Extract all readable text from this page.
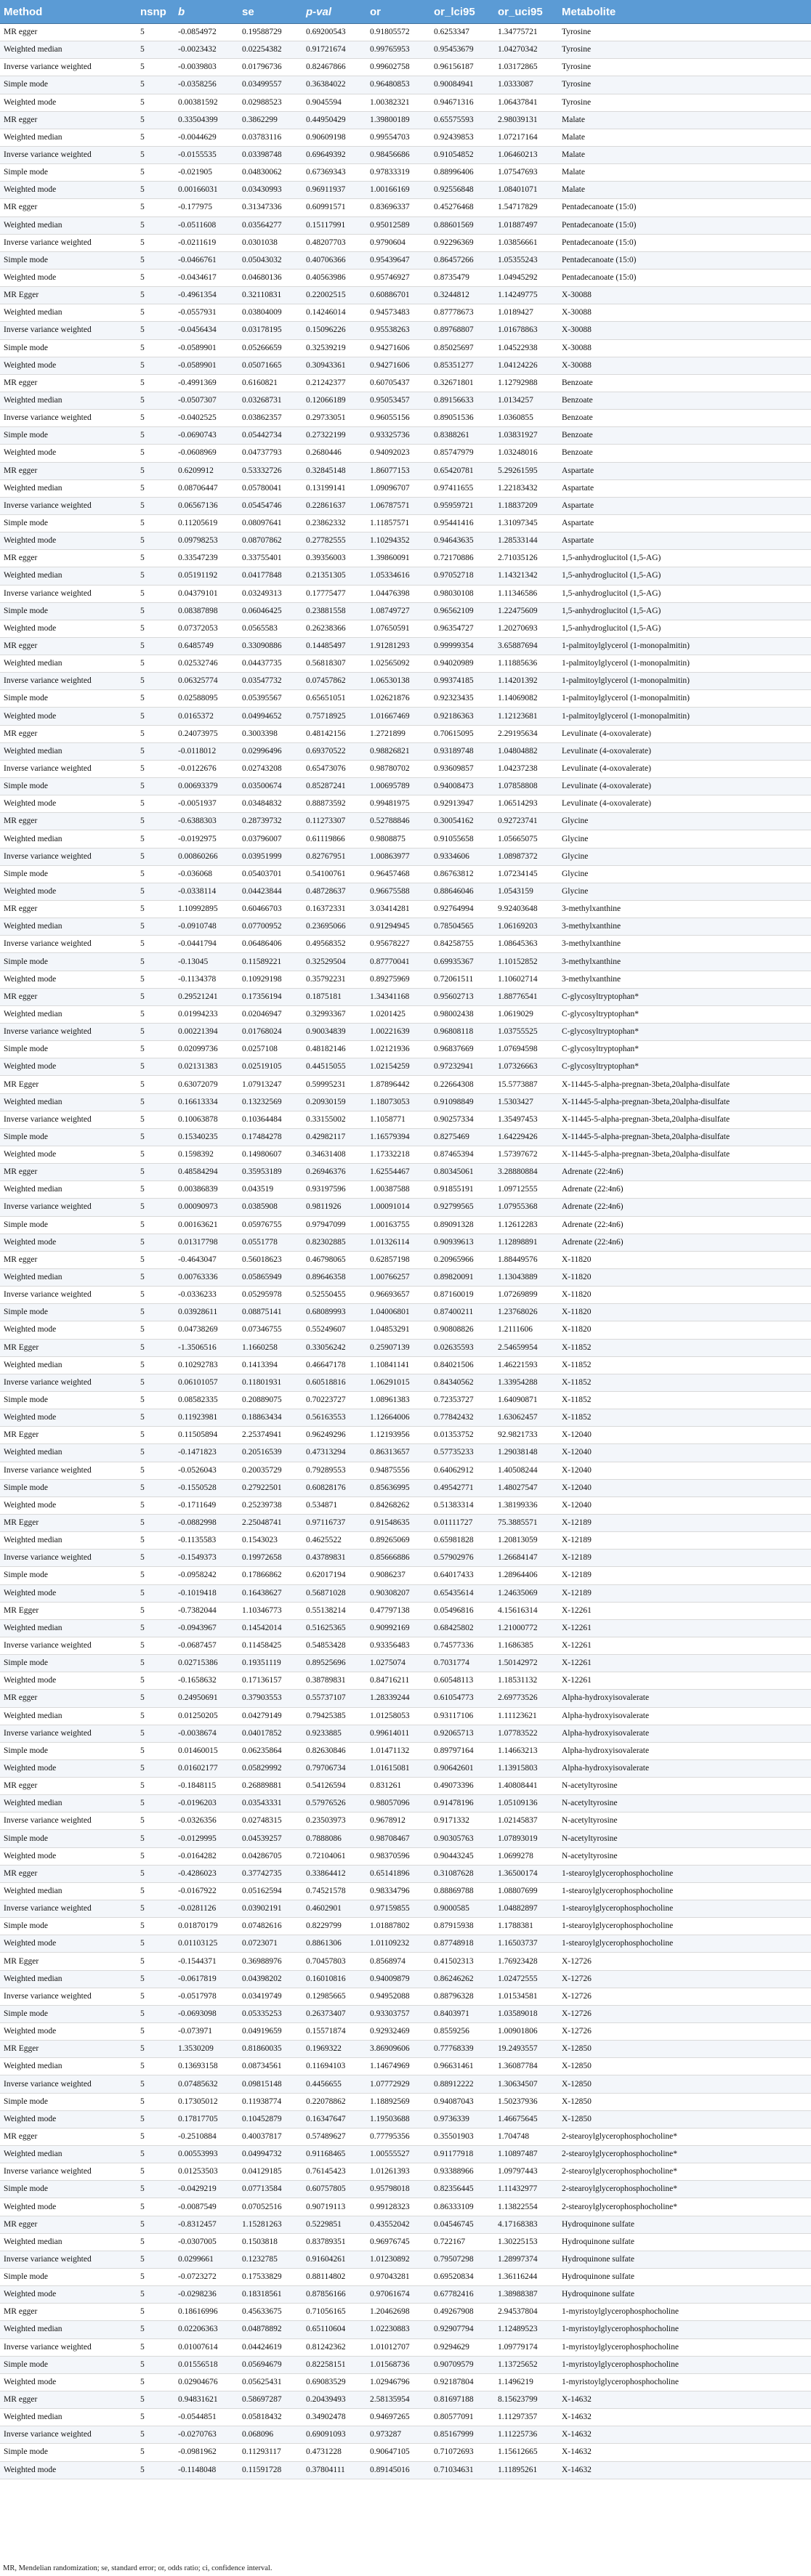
Method	nsnp	b	se	p-val	or	or_lci95	or_uci95	Metabolite
MR egger	5	-0.0854972	0.19588729	0.69200543	0.91805572	0.6253347	1.34775721	Tyrosine
Weighted median	5	-0.0023432	0.02254382	0.91721674	0.99765953	0.95453679	1.04270342	Tyrosine
Inverse variance weighted	5	-0.0039803	0.01796736	0.82467866	0.99602758	0.96156187	1.03172865	Tyrosine
Simple mode	5	-0.0358256	0.03499557	0.36384022	0.96480853	0.90084941	1.0333087	Tyrosine
Weighted mode	5	0.00381592	0.02988523	0.9045594	1.00382321	0.94671316	1.06437841	Tyrosine
MR egger	5	0.33504399	0.3862299	0.44950429	1.39800189	0.65575593	2.98039131	Malate
Weighted median	5	-0.0044629	0.03783116	0.90609198	0.99554703	0.92439853	1.07217164	Malate
Inverse variance weighted	5	-0.0155535	0.03398748	0.69649392	0.98456686	0.91054852	1.06460213	Malate
Simple mode	5	-0.021905	0.04830062	0.67369343	0.97833319	0.88996406	1.07547693	Malate
Weighted mode	5	0.00166031	0.03430993	0.96911937	1.00166169	0.92556848	1.08401071	Malate
MR egger	5	-0.177975	0.31347336	0.60991571	0.83696337	0.45276468	1.54717829	Pentadecanoate (15:0)
Weighted median	5	-0.0511608	0.03564277	0.15117991	0.95012589	0.88601569	1.01887497	Pentadecanoate (15:0)
Inverse variance weighted	5	-0.0211619	0.0301038	0.48207703	0.9790604	0.92296369	1.03856661	Pentadecanoate (15:0)
Simple mode	5	-0.0466761	0.05043032	0.40706366	0.95439647	0.86457266	1.05355243	Pentadecanoate (15:0)
Weighted mode	5	-0.0434617	0.04680136	0.40563986	0.95746927	0.8735479	1.04945292	Pentadecanoate (15:0)
MR Egger	5	-0.4961354	0.32110831	0.22002515	0.60886701	0.3244812	1.14249775	X-30088
Weighted median	5	-0.0557931	0.03804009	0.14246014	0.94573483	0.87778673	1.0189427	X-30088
Inverse variance weighted	5	-0.0456434	0.03178195	0.15096226	0.95538263	0.89768807	1.01678863	X-30088
Simple mode	5	-0.0589901	0.05266659	0.32539219	0.94271606	0.85025697	1.04522938	X-30088
Weighted mode	5	-0.0589901	0.05071665	0.30943361	0.94271606	0.85351277	1.04124226	X-30088
MR egger	5	-0.4991369	0.6160821	0.21242377	0.60705437	0.32671801	1.12792988	Benzoate
Weighted median	5	-0.0507307	0.03268731	0.12066189	0.95053457	0.89156633	1.0134257	Benzoate
Inverse variance weighted	5	-0.0402525	0.03862357	0.29733051	0.96055156	0.89051536	1.0360855	Benzoate
Simple mode	5	-0.0690743	0.05442734	0.27322199	0.93325736	0.8388261	1.03831927	Benzoate
Weighted mode	5	-0.0608969	0.04737793	0.2680446	0.94092023	0.85747979	1.03248016	Benzoate
MR egger	5	0.6209912	0.53332726	0.32845148	1.86077153	0.65420781	5.29261595	Aspartate
Weighted median	5	0.08706447	0.05780041	0.13199141	1.09096707	0.97411655	1.22183432	Aspartate
Inverse variance weighted	5	0.06567136	0.05454746	0.22861637	1.06787571	0.95959721	1.18837209	Aspartate
Simple mode	5	0.11205619	0.08097641	0.23862332	1.11857571	0.95441416	1.31097345	Aspartate
Weighted mode	5	0.09798253	0.08707862	0.27782555	1.10294352	0.94643635	1.28533144	Aspartate
MR egger	5	0.33547239	0.33755401	0.39356003	1.39860091	0.72170886	2.71035126	1,5-anhydroglucitol (1,5-AG)
Weighted median	5	0.05191192	0.04177848	0.21351305	1.05334616	0.97052718	1.14321342	1,5-anhydroglucitol (1,5-AG)
Inverse variance weighted	5	0.04379101	0.03249313	0.17775477	1.04476398	0.98030108	1.11346586	1,5-anhydroglucitol (1,5-AG)
Simple mode	5	0.08387898	0.06046425	0.23881558	1.08749727	0.96562109	1.22475609	1,5-anhydroglucitol (1,5-AG)
Weighted mode	5	0.07372053	0.0565583	0.26238366	1.07650591	0.96354727	1.20270693	1,5-anhydroglucitol (1,5-AG)
MR egger	5	0.6485749	0.33090886	0.14485497	1.91281293	0.99999354	3.65887694	1-palmitoylglycerol (1-monopalmitin)
Weighted median	5	0.02532746	0.04437735	0.56818307	1.02565092	0.94020989	1.11885636	1-palmitoylglycerol (1-monopalmitin)
Inverse variance weighted	5	0.06325774	0.03547732	0.07457862	1.06530138	0.99374185	1.14201392	1-palmitoylglycerol (1-monopalmitin)
Simple mode	5	0.02588095	0.05395567	0.65651051	1.02621876	0.92323435	1.14069082	1-palmitoylglycerol (1-monopalmitin)
Weighted mode	5	0.0165372	0.04994652	0.75718925	1.01667469	0.92186363	1.12123681	1-palmitoylglycerol (1-monopalmitin)
MR egger	5	0.24073975	0.3003398	0.48142156	1.2721899	0.70615095	2.29195634	Levulinate (4-oxovalerate)
Weighted median	5	-0.0118012	0.02996496	0.69370522	0.98826821	0.93189748	1.04804882	Levulinate (4-oxovalerate)
Inverse variance weighted	5	-0.0122676	0.02743208	0.65473076	0.98780702	0.93609857	1.04237238	Levulinate (4-oxovalerate)
Simple mode	5	0.00693379	0.03500674	0.85287241	1.00695789	0.94008473	1.07858808	Levulinate (4-oxovalerate)
Weighted mode	5	-0.0051937	0.03484832	0.88873592	0.99481975	0.92913947	1.06514293	Levulinate (4-oxovalerate)
MR egger	5	-0.6388303	0.28739732	0.11273307	0.52788846	0.30054162	0.92723741	Glycine
Weighted median	5	-0.0192975	0.03796007	0.61119866	0.9808875	0.91055658	1.05665075	Glycine
Inverse variance weighted	5	0.00860266	0.03951999	0.82767951	1.00863977	0.9334606	1.08987372	Glycine
Simple mode	5	-0.036068	0.05403701	0.54100761	0.96457468	0.86763812	1.07234145	Glycine
Weighted mode	5	-0.0338114	0.04423844	0.48728637	0.96675588	0.88646046	1.0543159	Glycine
MR egger	5	1.10992895	0.60466703	0.16372331	3.03414281	0.92764994	9.92403648	3-methylxanthine
Weighted median	5	-0.0910748	0.07700952	0.23695066	0.91294945	0.78504565	1.06169203	3-methylxanthine
Inverse variance weighted	5	-0.0441794	0.06486406	0.49568352	0.95678227	0.84258755	1.08645363	3-methylxanthine
Simple mode	5	-0.13045	0.11589221	0.32529504	0.87770041	0.69935367	1.10152852	3-methylxanthine
Weighted mode	5	-0.1134378	0.10929198	0.35792231	0.89275969	0.72061511	1.10602714	3-methylxanthine
MR egger	5	0.29521241	0.17356194	0.1875181	1.34341168	0.95602713	1.88776541	C-glycosyltryptophan*
Weighted median	5	0.01994233	0.02046947	0.32993367	1.0201425	0.98002438	1.0619029	C-glycosyltryptophan*
Inverse variance weighted	5	0.00221394	0.01768024	0.90034839	1.00221639	0.96808118	1.03755525	C-glycosyltryptophan*
Simple mode	5	0.02099736	0.0257108	0.48182146	1.02121936	0.96837669	1.07694598	C-glycosyltryptophan*
Weighted mode	5	0.02131383	0.02519105	0.44515055	1.02154259	0.97232941	1.07326663	C-glycosyltryptophan*
MR Egger	5	0.63072079	1.07913247	0.59995231	1.87896442	0.22664308	15.5773887	X-11445-5-alpha-pregnan-3beta,20alpha-disulfate
Weighted median	5	0.16613334	0.13232569	0.20930159	1.18073053	0.91098849	1.5303427	X-11445-5-alpha-pregnan-3beta,20alpha-disulfate
Inverse variance weighted	5	0.10063878	0.10364484	0.33155002	1.1058771	0.90257334	1.35497453	X-11445-5-alpha-pregnan-3beta,20alpha-disulfate
Simple mode	5	0.15340235	0.17484278	0.42982117	1.16579394	0.8275469	1.64229426	X-11445-5-alpha-pregnan-3beta,20alpha-disulfate
Weighted mode	5	0.1598392	0.14980607	0.34631408	1.17332218	0.87465394	1.57397672	X-11445-5-alpha-pregnan-3beta,20alpha-disulfate
MR egger	5	0.48584294	0.35953189	0.26946376	1.62554467	0.80345061	3.28880884	Adrenate (22:4n6)
Weighted median	5	0.00386839	0.043519	0.93197596	1.00387588	0.91855191	1.09712555	Adrenate (22:4n6)
Inverse variance weighted	5	0.00090973	0.0385908	0.9811926	1.00091014	0.92799565	1.07955368	Adrenate (22:4n6)
Simple mode	5	0.00163621	0.05976755	0.97947099	1.00163755	0.89091328	1.12612283	Adrenate (22:4n6)
Weighted mode	5	0.01317798	0.0551778	0.82302885	1.01326114	0.90939613	1.12898891	Adrenate (22:4n6)
MR egger	5	-0.4643047	0.56018623	0.46798065	0.62857198	0.20965966	1.88449576	X-11820
Weighted median	5	0.00763336	0.05865949	0.89646358	1.00766257	0.89820091	1.13043889	X-11820
Inverse variance weighted	5	-0.0336233	0.05295978	0.52550455	0.96693657	0.87160019	1.07269899	X-11820
Simple mode	5	0.03928611	0.08875141	0.68089993	1.04006801	0.87400211	1.23768026	X-11820
Weighted mode	5	0.04738269	0.07346755	0.55249607	1.04853291	0.90808826	1.2111606	X-11820
MR Egger	5	-1.3506516	1.1660258	0.33056242	0.25907139	0.02635593	2.54659954	X-11852
Weighted median	5	0.10292783	0.1413394	0.46647178	1.10841141	0.84021506	1.46221593	X-11852
Inverse variance weighted	5	0.06101057	0.11801931	0.60518816	1.06291015	0.84340562	1.33954288	X-11852
Simple mode	5	0.08582335	0.20889075	0.70223727	1.08961383	0.72353727	1.64090871	X-11852
Weighted mode	5	0.11923981	0.18863434	0.56163553	1.12664006	0.77842432	1.63062457	X-11852
MR Egger	5	0.11505894	2.25374941	0.96249296	1.12193956	0.01353752	92.9821733	X-12040
Weighted median	5	-0.1471823	0.20516539	0.47313294	0.86313657	0.57735233	1.29038148	X-12040
Inverse variance weighted	5	-0.0526043	0.20035729	0.79289553	0.94875556	0.64062912	1.40508244	X-12040
Simple mode	5	-0.1550528	0.27922501	0.60828176	0.85636995	0.49542771	1.48027547	X-12040
Weighted mode	5	-0.1711649	0.25239738	0.534871	0.84268262	0.51383314	1.38199336	X-12040
MR Egger	5	-0.0882998	2.25048741	0.97116737	0.91548635	0.01111727	75.3885571	X-12189
Weighted median	5	-0.1135583	0.1543023	0.4625522	0.89265069	0.65981828	1.20813059	X-12189
Inverse variance weighted	5	-0.1549373	0.19972658	0.43789831	0.85666886	0.57902976	1.26684147	X-12189
Simple mode	5	-0.0958242	0.17866862	0.62017194	0.9086237	0.64017433	1.28964406	X-12189
Weighted mode	5	-0.1019418	0.16438627	0.56871028	0.90308207	0.65435614	1.24635069	X-12189
MR Egger	5	-0.7382044	1.10346773	0.55138214	0.47797138	0.05496816	4.15616314	X-12261
Weighted median	5	-0.0943967	0.14542014	0.51625365	0.90992169	0.68425802	1.21000772	X-12261
Inverse variance weighted	5	-0.0687457	0.11458425	0.54853428	0.93356483	0.74577336	1.1686385	X-12261
Simple mode	5	0.02715386	0.19351119	0.89525696	1.0275074	0.7031774	1.50142972	X-12261
Weighted mode	5	-0.1658632	0.17136157	0.38789831	0.84716211	0.60548113	1.18531132	X-12261
MR egger	5	0.24950691	0.37903553	0.55737107	1.28339244	0.61054773	2.69773526	Alpha-hydroxyisovalerate
Weighted median	5	0.01250205	0.04279149	0.79425385	1.01258053	0.93117106	1.11123621	Alpha-hydroxyisovalerate
Inverse variance weighted	5	-0.0038674	0.04017852	0.9233885	0.99614011	0.92065713	1.07783522	Alpha-hydroxyisovalerate
Simple mode	5	0.01460015	0.06235864	0.82630846	1.01471132	0.89797164	1.14663213	Alpha-hydroxyisovalerate
Weighted mode	5	0.01602177	0.05829992	0.79706734	1.01615081	0.90642601	1.13915803	Alpha-hydroxyisovalerate
MR egger	5	-0.1848115	0.26889881	0.54126594	0.831261	0.49073396	1.40808441	N-acetyltyrosine
Weighted median	5	-0.0196203	0.03543331	0.57976526	0.98057096	0.91478196	1.05109136	N-acetyltyrosine
Inverse variance weighted	5	-0.0326356	0.02748315	0.23503973	0.9678912	0.9171332	1.02145837	N-acetyltyrosine
Simple mode	5	-0.0129995	0.04539257	0.7888086	0.98708467	0.90305763	1.07893019	N-acetyltyrosine
Weighted mode	5	-0.0164282	0.04286705	0.72104061	0.98370596	0.90443245	1.0699278	N-acetyltyrosine
MR egger	5	-0.4286023	0.37742735	0.33864412	0.65141896	0.31087628	1.36500174	1-stearoylglycerophosphocholine
Weighted median	5	-0.0167922	0.05162594	0.74521578	0.98334796	0.88869788	1.08807699	1-stearoylglycerophosphocholine
Inverse variance weighted	5	-0.0281126	0.03902191	0.4602901	0.97159855	0.9000585	1.04882897	1-stearoylglycerophosphocholine
Simple mode	5	0.01870179	0.07482616	0.8229799	1.01887802	0.87915938	1.1788381	1-stearoylglycerophosphocholine
Weighted mode	5	0.01103125	0.0723071	0.8861306	1.01109232	0.87748918	1.16503737	1-stearoylglycerophosphocholine
MR Egger	5	-0.1544371	0.36988976	0.70457803	0.8568974	0.41502313	1.76923428	X-12726
Weighted median	5	-0.0617819	0.04398202	0.16010816	0.94009879	0.86246262	1.02472555	X-12726
Inverse variance weighted	5	-0.0517978	0.03419749	0.12985665	0.94952088	0.88796328	1.01534581	X-12726
Simple mode	5	-0.0693098	0.05335253	0.26373407	0.93303757	0.8403971	1.03589018	X-12726
Weighted mode	5	-0.073971	0.04919659	0.15571874	0.92932469	0.8559256	1.00901806	X-12726
MR Egger	5	1.3530209	0.81860035	0.1969322	3.86909606	0.77768339	19.2493557	X-12850
Weighted median	5	0.13693158	0.08734561	0.11694103	1.14674969	0.96631461	1.36087784	X-12850
Inverse variance weighted	5	0.07485632	0.09815148	0.4456655	1.07772929	0.88912222	1.30634507	X-12850
Simple mode	5	0.17305012	0.11938774	0.22078862	1.18892569	0.94087043	1.50237936	X-12850
Weighted mode	5	0.17817705	0.10452879	0.16347647	1.19503688	0.9736339	1.46675645	X-12850
MR egger	5	-0.2510884	0.40037817	0.57489627	0.77795356	0.35501903	1.704748	2-stearoylglycerophosphocholine*
Weighted median	5	0.00553993	0.04994732	0.91168465	1.00555527	0.91177918	1.10897487	2-stearoylglycerophosphocholine*
Inverse variance weighted	5	0.01253503	0.04129185	0.76145423	1.01261393	0.93388966	1.09797443	2-stearoylglycerophosphocholine*
Simple mode	5	-0.0429219	0.07713584	0.60757805	0.95798018	0.82356445	1.11432977	2-stearoylglycerophosphocholine*
Weighted mode	5	-0.0087549	0.07052516	0.90719113	0.99128323	0.86333109	1.13822554	2-stearoylglycerophosphocholine*
MR egger	5	-0.8312457	1.15281263	0.5229851	0.43552042	0.04546745	4.17168383	Hydroquinone sulfate
Weighted median	5	-0.0307005	0.1503818	0.83789351	0.96976745	0.722167	1.30225153	Hydroquinone sulfate
Inverse variance weighted	5	0.0299661	0.1232785	0.91604261	1.01230892	0.79507298	1.28997374	Hydroquinone sulfate
Simple mode	5	-0.0723272	0.17533829	0.88114802	0.97043281	0.69520834	1.36116244	Hydroquinone sulfate
Weighted mode	5	-0.0298236	0.18318561	0.87856166	0.97061674	0.67782416	1.38988387	Hydroquinone sulfate
MR egger	5	0.18616996	0.45633675	0.71056165	1.20462698	0.49267908	2.94537804	1-myristoylglycerophosphocholine
Weighted median	5	0.02206363	0.04878892	0.65110604	1.02230883	0.92907794	1.12489523	1-myristoylglycerophosphocholine
Inverse variance weighted	5	0.01007614	0.04424619	0.81242362	1.01012707	0.9294629	1.09779174	1-myristoylglycerophosphocholine
Simple mode	5	0.01556518	0.05694679	0.82258151	1.01568736	0.90709579	1.13725652	1-myristoylglycerophosphocholine
Weighted mode	5	0.02904676	0.05625431	0.69083529	1.02946796	0.92187804	1.1496219	1-myristoylglycerophosphocholine
MR egger	5	0.94831621	0.58697287	0.20439493	2.58135954	0.81697188	8.15623799	X-14632
Weighted median	5	-0.0544851	0.05818432	0.34902478	0.94697265	0.80577091	1.11297357	X-14632
Inverse variance weighted	5	-0.0270763	0.068096	0.69091093	0.973287	0.85167999	1.11225736	X-14632
Simple mode	5	-0.0981962	0.11293117	0.4731228	0.90647105	0.71072693	1.15612665	X-14632
Weighted mode	5	-0.1148048	0.11591728	0.37804111	0.89145016	0.71034631	1.11895261	X-14632
MR, Mendelian randomization; se, standard error; or, odds ratio; ci, confidence interval.
